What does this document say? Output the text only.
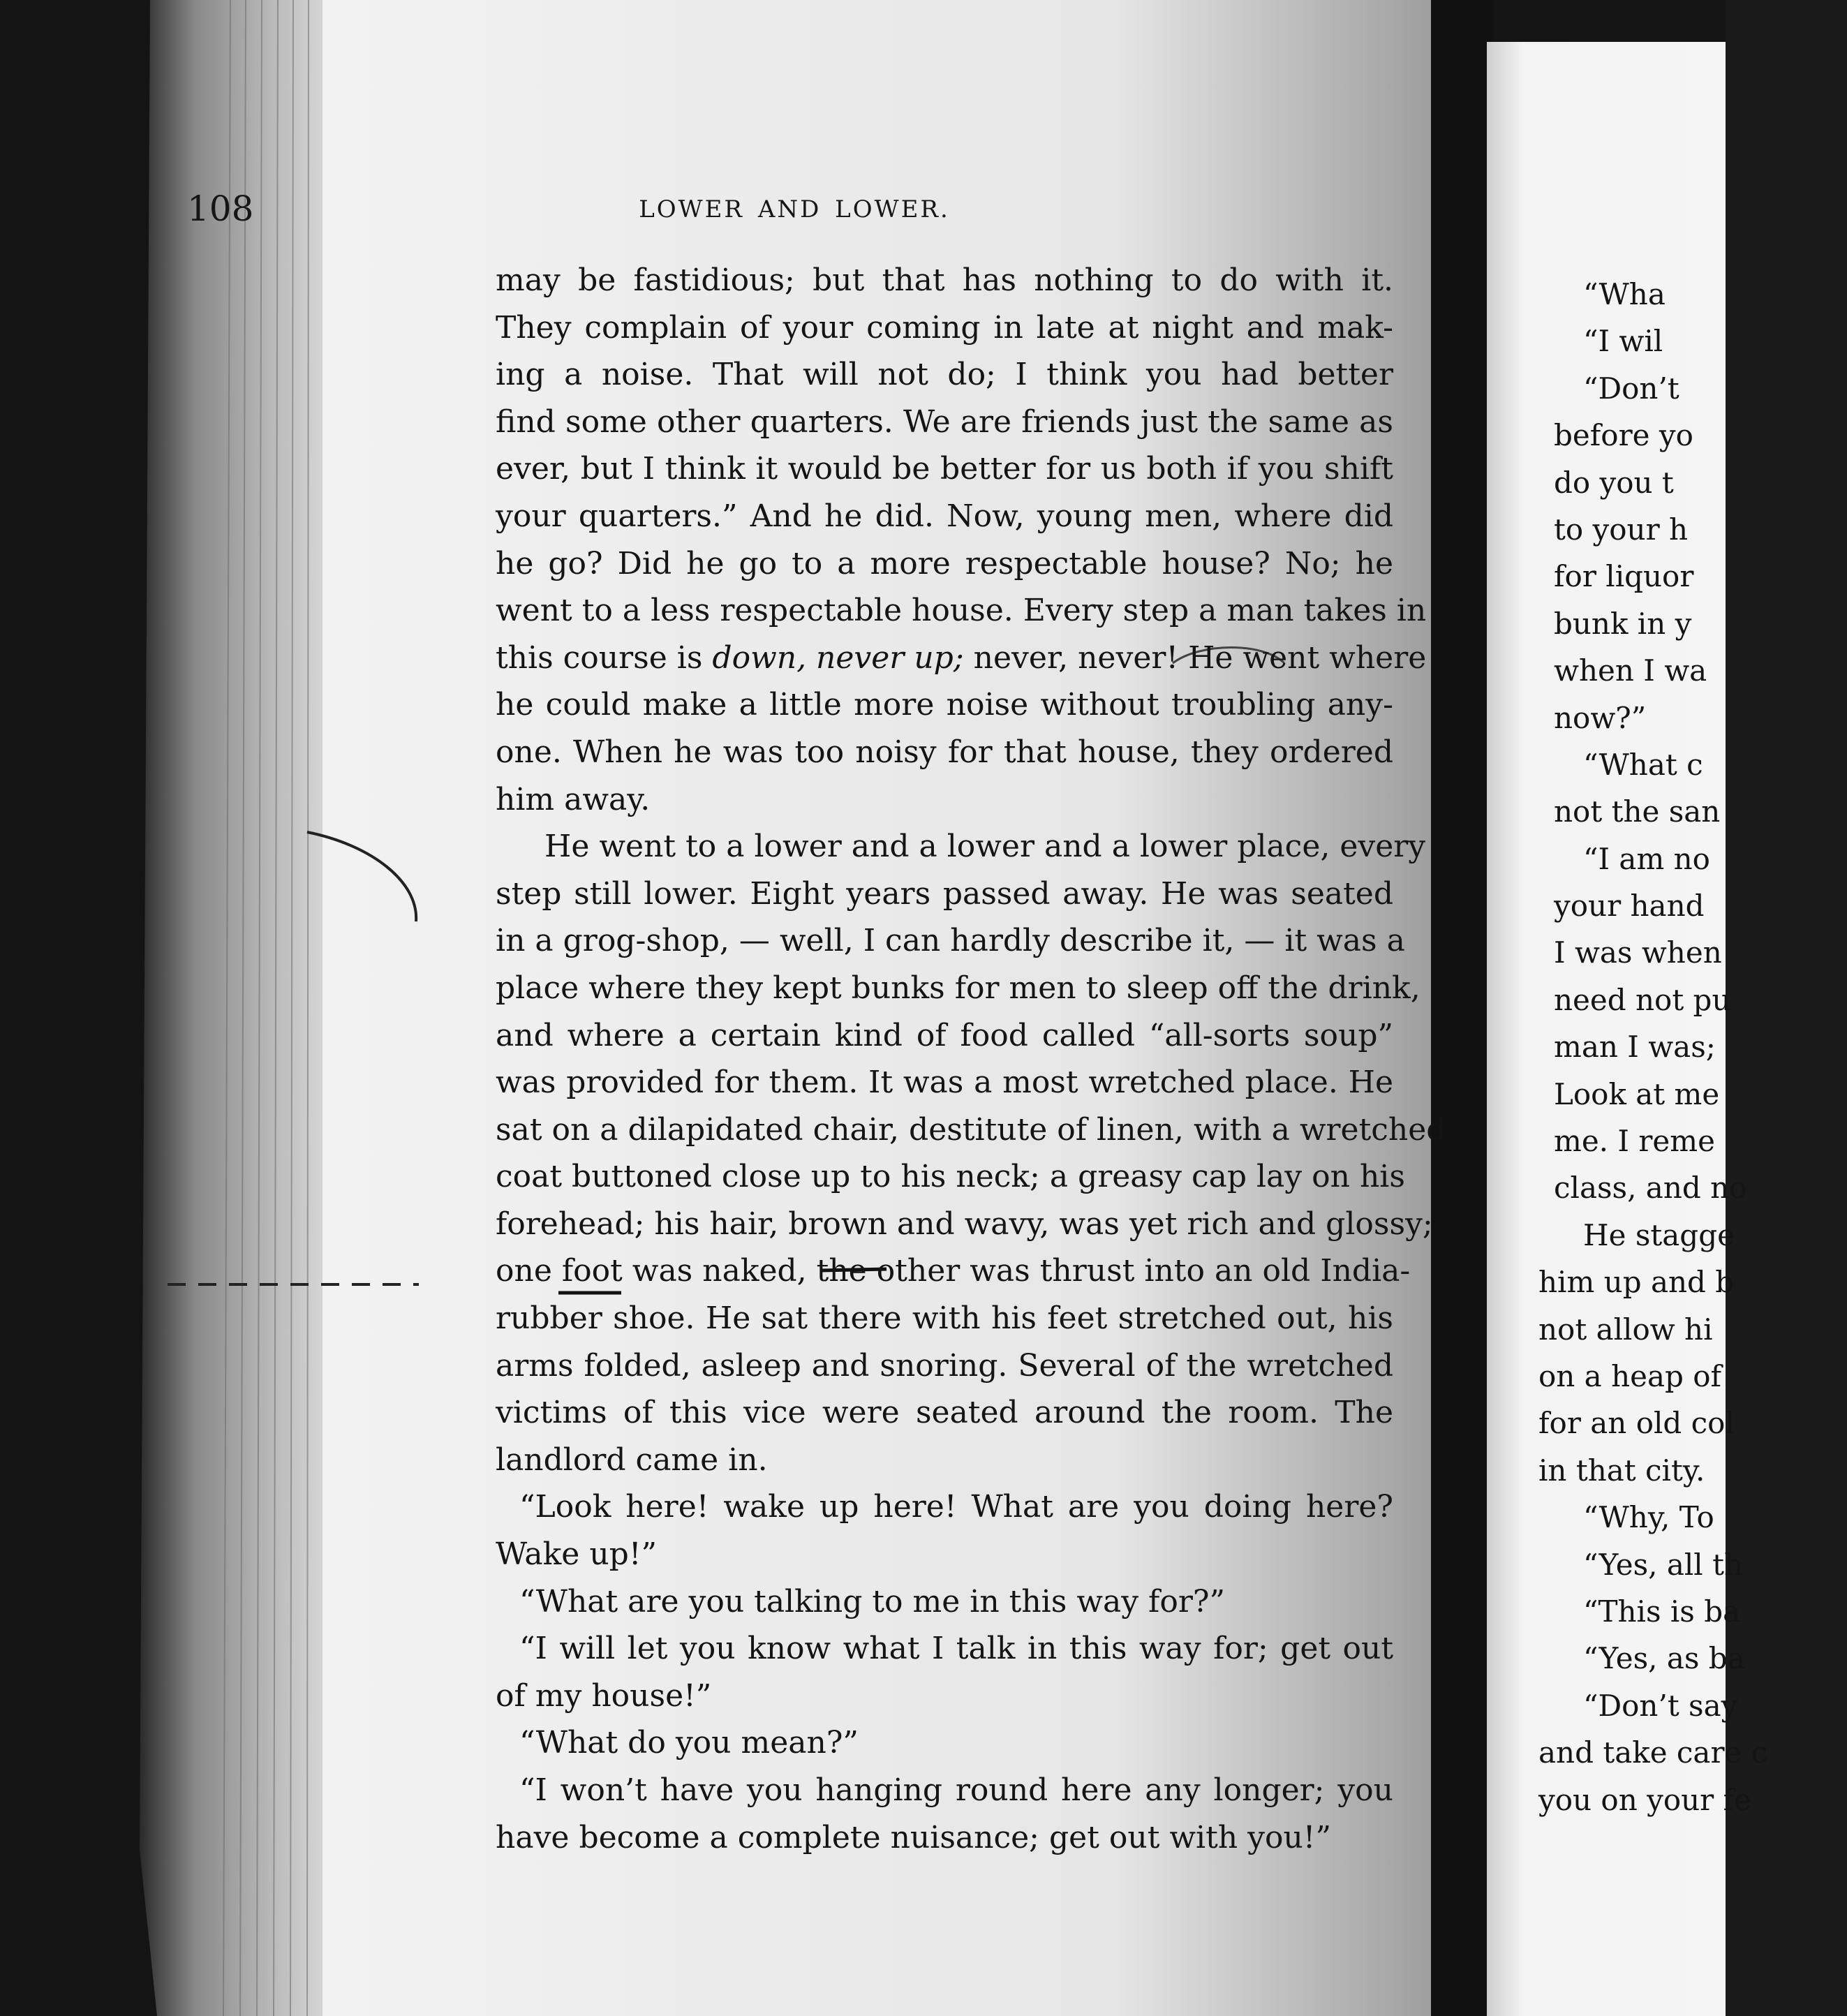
108	LOWER AND LOWER.
may be fastidious; but that has nothing to do with it.
They complain of your coming in late at night and mak-
ing a noise. That will not do; I think you had better
find some other quarters. We are friends just the same as
ever, but I think it would be better for us both if you shift
your quarters.” And he did. Now, young men, where did
he go? Did he go to a more respectable house? No; he
went to a less respectable house. Every step a man takes in
this course is down, never up; never, never! He went where
he could make a little more noise without troubling any-
one. When he was too noisy for that house, they ordered
him away.
He went to a lower and a lower and a lower place, every
step still lower. Eight years passed away. He was seated
in a grog-shop, — well, I can hardly describe it, — it was a
place where they kept bunks for men to sleep off the drink,
and where a certain kind of food called “all-sorts soup”
was provided for them. It was a most wretched place. He
sat on a dilapidated chair, destitute of linen, with a wretched
coat buttoned close up to his neck; a greasy cap lay on his
forehead; his hair, brown and wavy, was yet rich and glossy;
one foot was naked, the other was thrust into an old India-
rubber shoe. He sat there with his feet stretched out, his
arms folded, asleep and snoring. Several of the wretched
victims of this vice were seated around the room. The
landlord came in.
“Look here! wake up here! What are you doing here?
Wake up!”
“What are you talking to me in this way for?”
“I will let you know what I talk in this way for; get out
of my house!”
“What do you mean?”
“I won’t have you hanging round here any longer; you
have become a complete nuisance; get out with you!”
“Wha
“I wil
“Don’t
before yo
do you t
to your h
for liquor
bunk in y
when I wa
now?”
“What c
not the san
“I am no
your hand
I was when
need not pu
man I was;
Look at me
me. I reme
class, and no
He stagge
him up and b
not allow hi
on a heap of
for an old col
in that city.
“Why, To
“Yes, all th
“This is ba
“Yes, as ba
“Don’t say
and take care c
you on your fe
